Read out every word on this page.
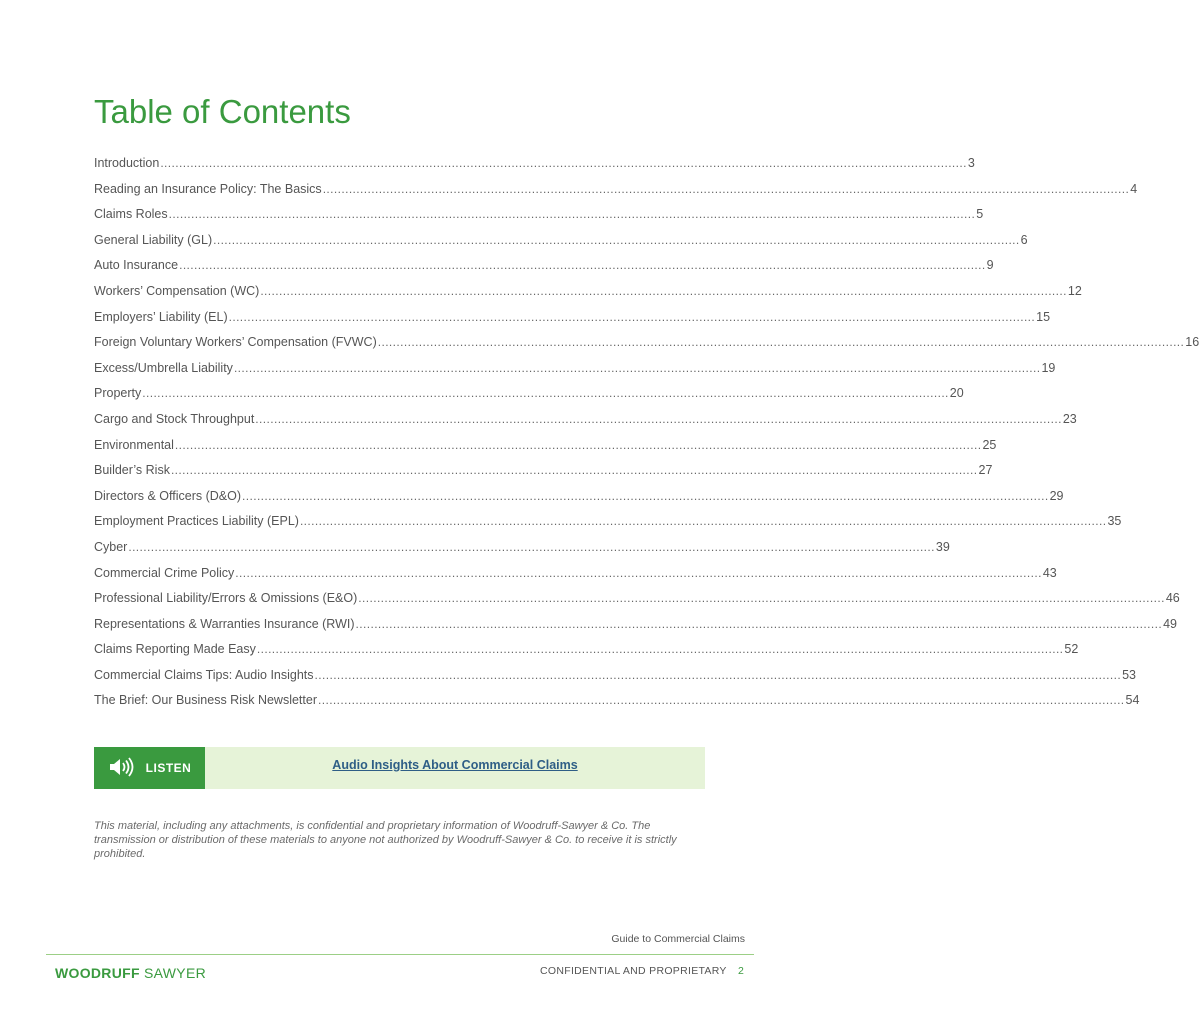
Table of Contents
Introduction ........................................................................................................................................................................................................................ 3
Reading an Insurance Policy: The Basics ........................................................................................................................................................................................................................ 4
Claims Roles ........................................................................................................................................................................................................................ 5
General Liability (GL) ........................................................................................................................................................................................................................ 6
Auto Insurance ........................................................................................................................................................................................................................ 9
Workers’ Compensation (WC) ........................................................................................................................................................................................................................ 12
Employers’ Liability (EL) ........................................................................................................................................................................................................................ 15
Foreign Voluntary Workers’ Compensation (FVWC) ........................................................................................................................................................................................................................ 16
Excess/Umbrella Liability ........................................................................................................................................................................................................................ 19
Property ........................................................................................................................................................................................................................ 20
Cargo and Stock Throughput ........................................................................................................................................................................................................................ 23
Environmental ........................................................................................................................................................................................................................ 25
Builder’s Risk ........................................................................................................................................................................................................................ 27
Directors & Officers (D&O) ........................................................................................................................................................................................................................ 29
Employment Practices Liability (EPL) ........................................................................................................................................................................................................................ 35
Cyber ........................................................................................................................................................................................................................ 39
Commercial Crime Policy ........................................................................................................................................................................................................................ 43
Professional Liability/Errors & Omissions (E&O) ........................................................................................................................................................................................................................ 46
Representations & Warranties Insurance (RWI) ........................................................................................................................................................................................................................ 49
Claims Reporting Made Easy ........................................................................................................................................................................................................................ 52
Commercial Claims Tips: Audio Insights ........................................................................................................................................................................................................................ 53
The Brief: Our Business Risk Newsletter ........................................................................................................................................................................................................................ 54
LISTEN	Audio Insights About Commercial Claims

This material, including any attachments, is confidential and proprietary information of Woodruff-Sawyer & Co. The transmission or distribution of these materials to anyone not authorized by Woodruff-Sawyer & Co. to receive it is strictly prohibited.

Guide to Commercial Claims
WOODRUFF SAWYER	CONFIDENTIAL AND PROPRIETARY 2
